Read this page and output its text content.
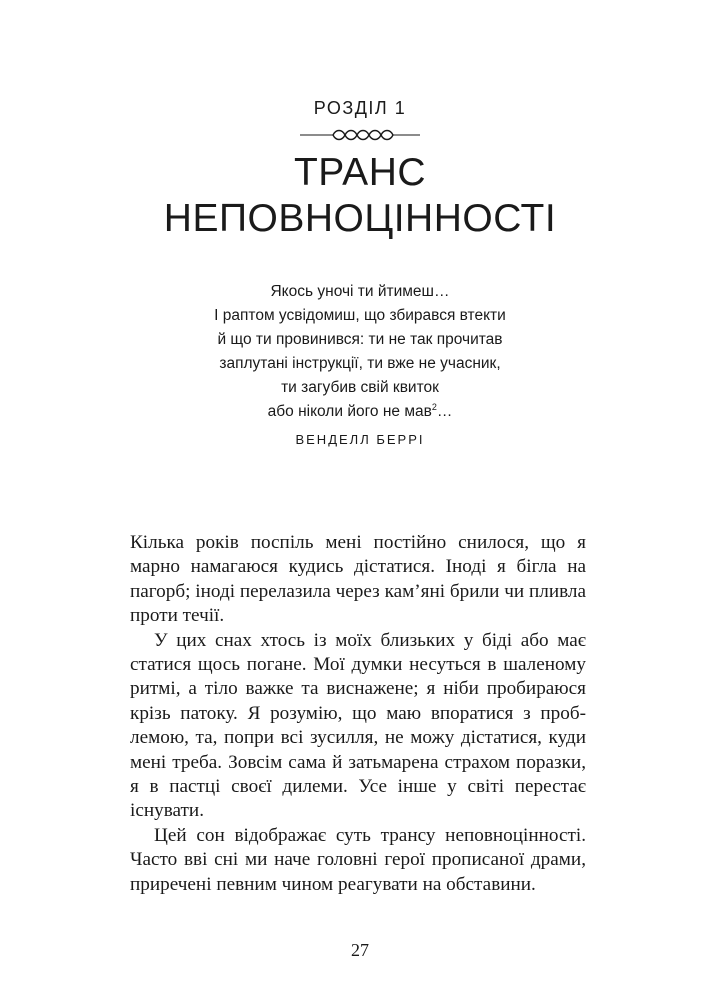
РОЗДІЛ 1
ТРАНС
НЕПОВНОЦІННОСТІ
Якось уночі ти йтимеш…
І раптом усвідомиш, що збирався втекти
й що ти провинився: ти не так прочитав
заплутані інструкції, ти вже не учасник,
ти загубив свій квиток
або ніколи його не мав$^2$…
ВЕНДЕЛЛ БЕРРІ

Кілька років поспіль мені постійно снилося, що я марно намагаюся кудись дістатися. Іноді я бігла на пагорб; іноді перелазила через кам’яні брили чи пливла проти течії.

У цих снах хтось із моїх близьких у біді або має статися щось погане. Мої думки несуться в шаленому ритмі, а тіло важке та виснажене; я ніби пробираюся крізь патоку. Я розумію, що маю впоратися з проблемою, та, попри всі зусилля, не можу дістатися, куди мені треба. Зовсім сама й затьмарена страхом поразки, я в пастці своєї дилеми. Усе інше у світі перестає існувати.

Цей сон відображає суть трансу неповноцінності. Часто вві сні ми наче головні герої прописаної драми, приречені певним чином реагувати на обставини.

27
